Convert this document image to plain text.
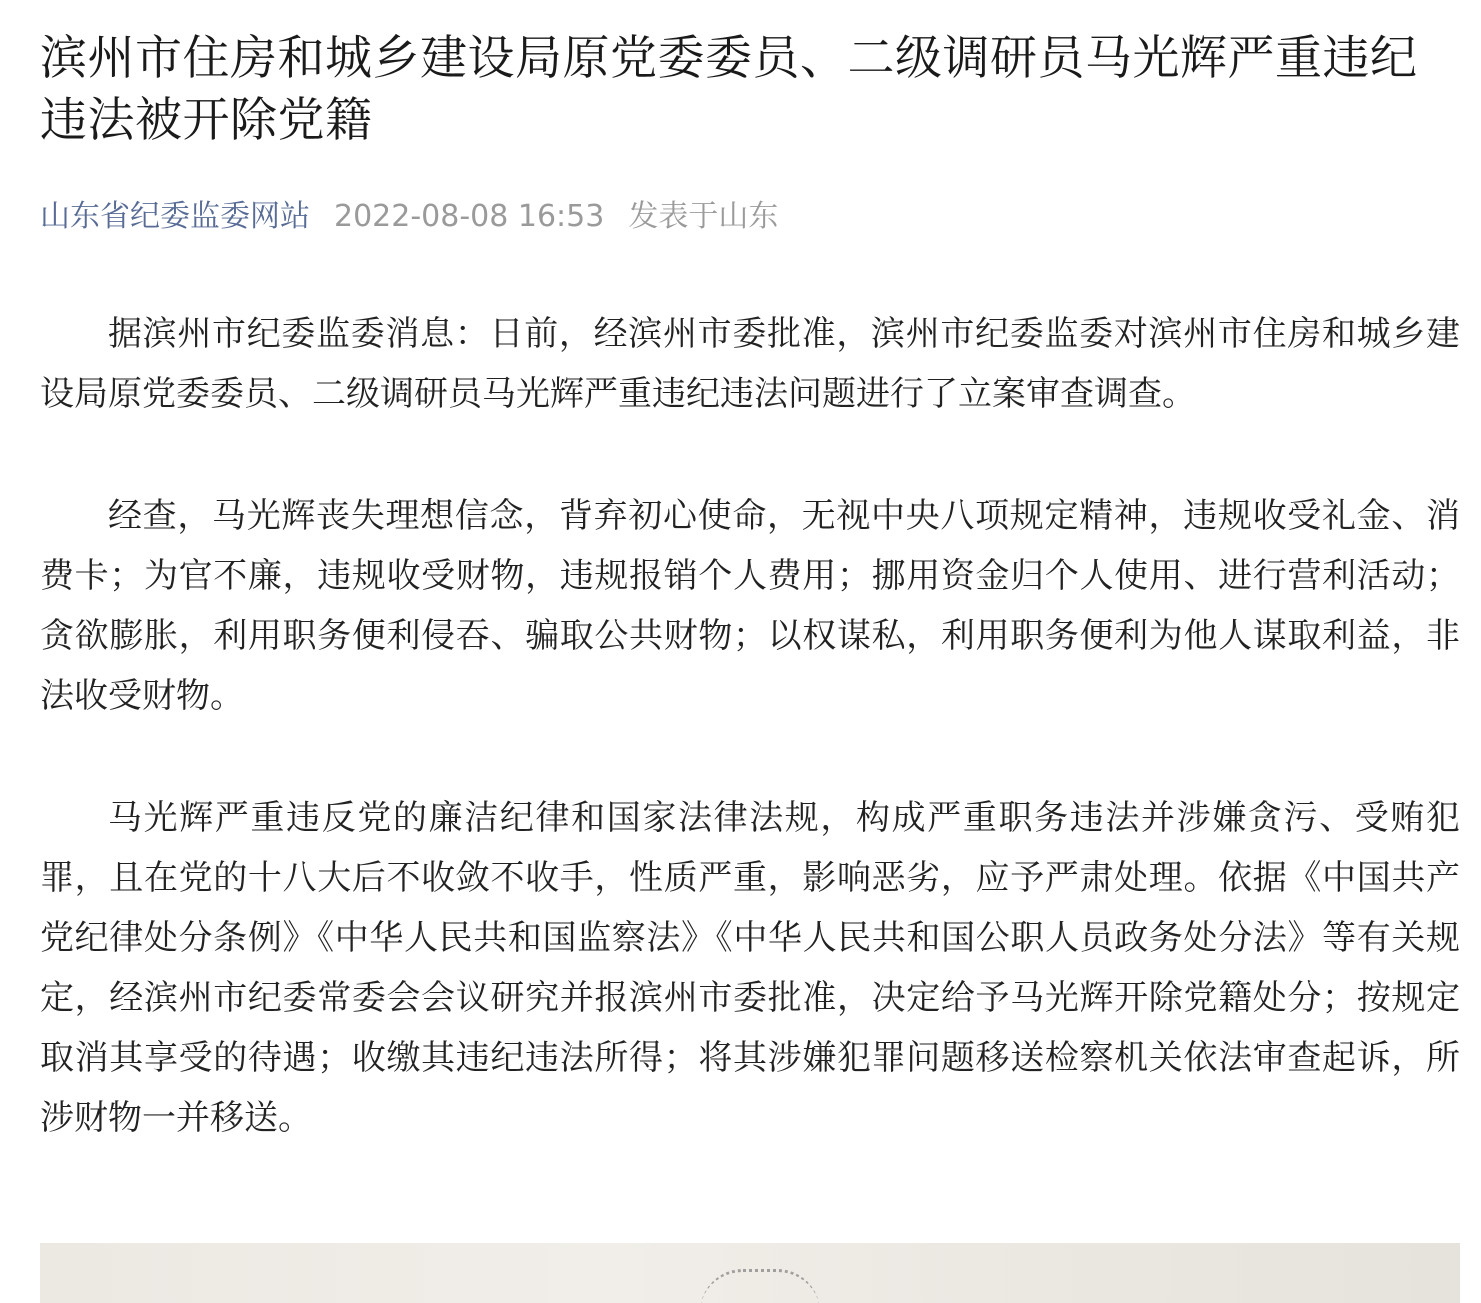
滨州市住房和城乡建设局原党委委员、二级调研员马光辉严重违纪违法被开除党籍
山东省纪委监委网站 2022-08-08 16:53 发表于山东

据滨州市纪委监委消息：日前，经滨州市委批准，滨州市纪委监委对滨州市住房和城乡建设局原党委委员、二级调研员马光辉严重违纪违法问题进行了立案审查调查。

经查，马光辉丧失理想信念，背弃初心使命，无视中央八项规定精神，违规收受礼金、消费卡；为官不廉，违规收受财物，违规报销个人费用；挪用资金归个人使用、进行营利活动；贪欲膨胀，利用职务便利侵吞、骗取公共财物；以权谋私，利用职务便利为他人谋取利益，非法收受财物。

马光辉严重违反党的廉洁纪律和国家法律法规，构成严重职务违法并涉嫌贪污、受贿犯罪，且在党的十八大后不收敛不收手，性质严重，影响恶劣，应予严肃处理。依据《中国共产党纪律处分条例》《中华人民共和国监察法》《中华人民共和国公职人员政务处分法》等有关规定，经滨州市纪委常委会会议研究并报滨州市委批准，决定给予马光辉开除党籍处分；按规定取消其享受的待遇；收缴其违纪违法所得；将其涉嫌犯罪问题移送检察机关依法审查起诉，所涉财物一并移送。
